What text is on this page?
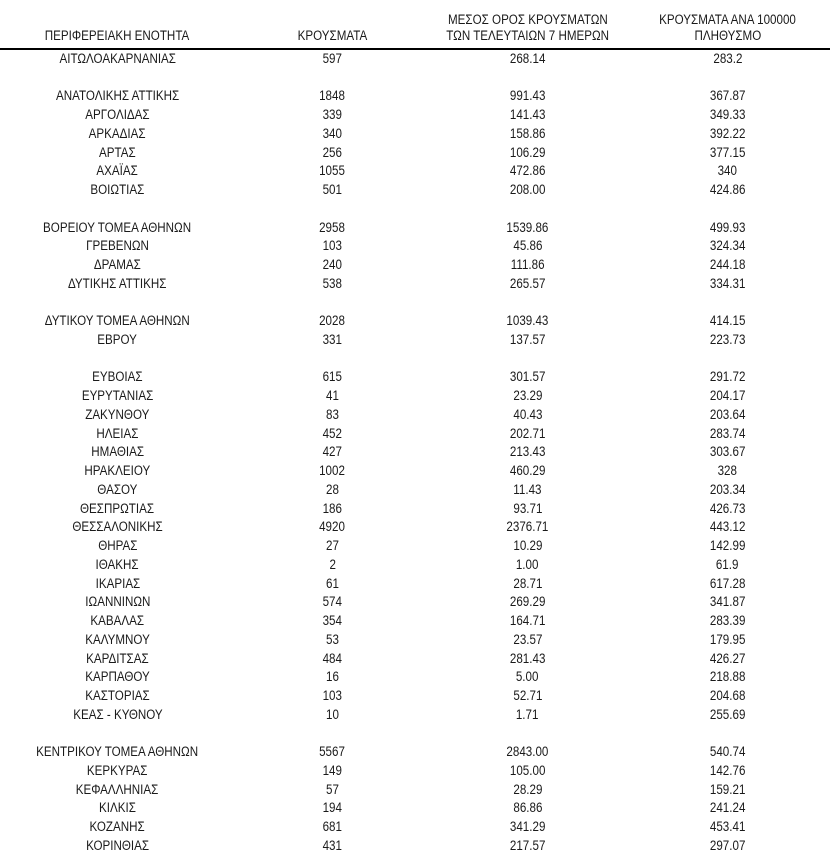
ΠΕΡΙΦΕΡΕΙΑΚΗ ΕΝΟΤΗΤΑ	ΚΡΟΥΣΜΑΤΑ	ΜΕΣΟΣ ΟΡΟΣ ΚΡΟΥΣΜΑΤΩΝ
ΤΩΝ ΤΕΛΕΥΤΑΙΩΝ 7 ΗΜΕΡΩΝ	ΚΡΟΥΣΜΑΤΑ ΑΝΑ 100000
ΠΛΗΘΥΣΜΟ

ΑΙΤΩΛΟΑΚΑΡΝΑΝΙΑΣ	597	268.14	283.2

ΑΝΑΤΟΛΙΚΗΣ ΑΤΤΙΚΗΣ	1848	991.43	367.87
ΑΡΓΟΛΙΔΑΣ	339	141.43	349.33
ΑΡΚΑΔΙΑΣ	340	158.86	392.22
ΑΡΤΑΣ	256	106.29	377.15
ΑΧΑΪΑΣ	1055	472.86	340
ΒΟΙΩΤΙΑΣ	501	208.00	424.86

ΒΟΡΕΙΟΥ ΤΟΜΕΑ ΑΘΗΝΩΝ	2958	1539.86	499.93
ΓΡΕΒΕΝΩΝ	103	45.86	324.34
ΔΡΑΜΑΣ	240	111.86	244.18
ΔΥΤΙΚΗΣ ΑΤΤΙΚΗΣ	538	265.57	334.31

ΔΥΤΙΚΟΥ ΤΟΜΕΑ ΑΘΗΝΩΝ	2028	1039.43	414.15
ΕΒΡΟΥ	331	137.57	223.73

ΕΥΒΟΙΑΣ	615	301.57	291.72
ΕΥΡΥΤΑΝΙΑΣ	41	23.29	204.17
ΖΑΚΥΝΘΟΥ	83	40.43	203.64
ΗΛΕΙΑΣ	452	202.71	283.74
ΗΜΑΘΙΑΣ	427	213.43	303.67
ΗΡΑΚΛΕΙΟΥ	1002	460.29	328
ΘΑΣΟΥ	28	11.43	203.34
ΘΕΣΠΡΩΤΙΑΣ	186	93.71	426.73
ΘΕΣΣΑΛΟΝΙΚΗΣ	4920	2376.71	443.12
ΘΗΡΑΣ	27	10.29	142.99
ΙΘΑΚΗΣ	2	1.00	61.9
ΙΚΑΡΙΑΣ	61	28.71	617.28
ΙΩΑΝΝΙΝΩΝ	574	269.29	341.87
ΚΑΒΑΛΑΣ	354	164.71	283.39
ΚΑΛΥΜΝΟΥ	53	23.57	179.95
ΚΑΡΔΙΤΣΑΣ	484	281.43	426.27
ΚΑΡΠΑΘΟΥ	16	5.00	218.88
ΚΑΣΤΟΡΙΑΣ	103	52.71	204.68
ΚΕΑΣ - ΚΥΘΝΟΥ	10	1.71	255.69

ΚΕΝΤΡΙΚΟΥ ΤΟΜΕΑ ΑΘΗΝΩΝ	5567	2843.00	540.74
ΚΕΡΚΥΡΑΣ	149	105.00	142.76
ΚΕΦΑΛΛΗΝΙΑΣ	57	28.29	159.21
ΚΙΛΚΙΣ	194	86.86	241.24
ΚΟΖΑΝΗΣ	681	341.29	453.41
ΚΟΡΙΝΘΙΑΣ	431	217.57	297.07
